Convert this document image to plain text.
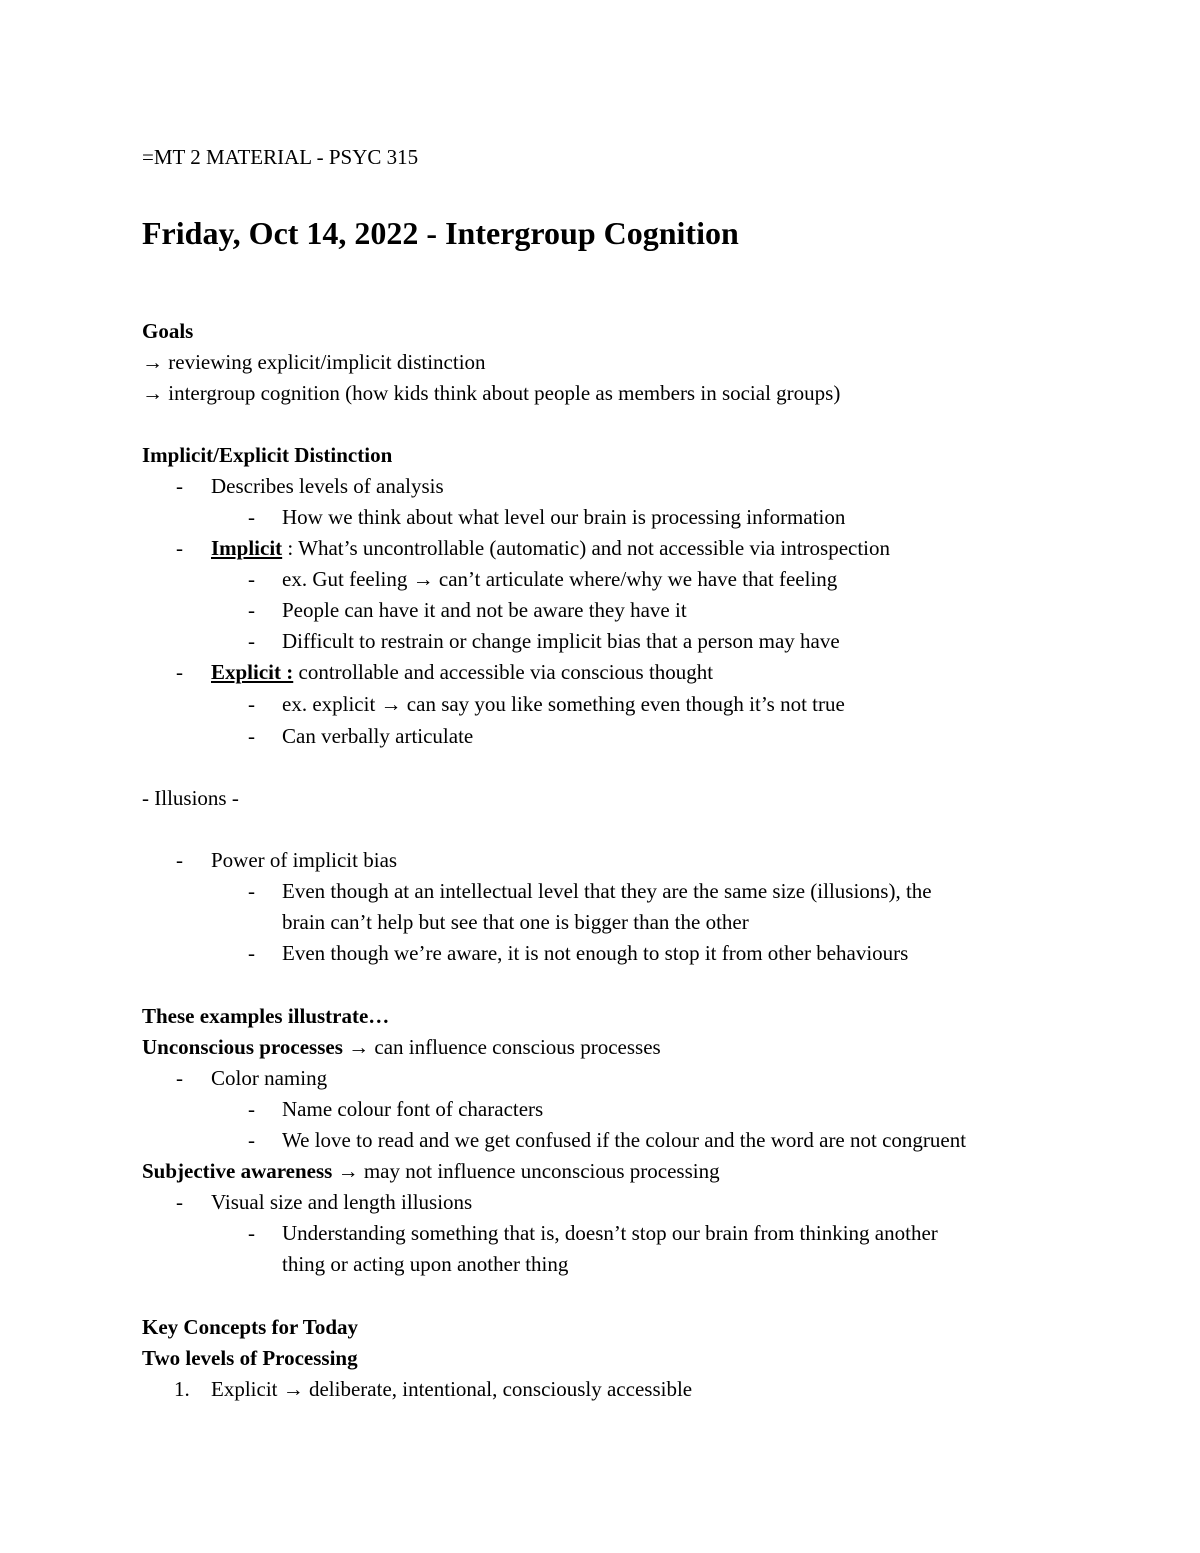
=MT 2 MATERIAL - PSYC 315
Friday, Oct 14, 2022 - Intergroup Cognition
Goals
→ reviewing explicit/implicit distinction
→ intergroup cognition (how kids think about people as members in social groups)
Implicit/Explicit Distinction
- Describes levels of analysis
- How we think about what level our brain is processing information
- Implicit : What’s uncontrollable (automatic) and not accessible via introspection
- ex. Gut feeling → can’t articulate where/why we have that feeling
- People can have it and not be aware they have it
- Difficult to restrain or change implicit bias that a person may have
- Explicit : controllable and accessible via conscious thought
- ex. explicit → can say you like something even though it’s not true
- Can verbally articulate
- Illusions -
- Power of implicit bias
- Even though at an intellectual level that they are the same size (illusions), the
brain can’t help but see that one is bigger than the other
- Even though we’re aware, it is not enough to stop it from other behaviours
These examples illustrate…
Unconscious processes → can influence conscious processes
- Color naming
- Name colour font of characters
- We love to read and we get confused if the colour and the word are not congruent
Subjective awareness → may not influence unconscious processing
- Visual size and length illusions
- Understanding something that is, doesn’t stop our brain from thinking another
thing or acting upon another thing
Key Concepts for Today
Two levels of Processing
1. Explicit → deliberate, intentional, consciously accessible
